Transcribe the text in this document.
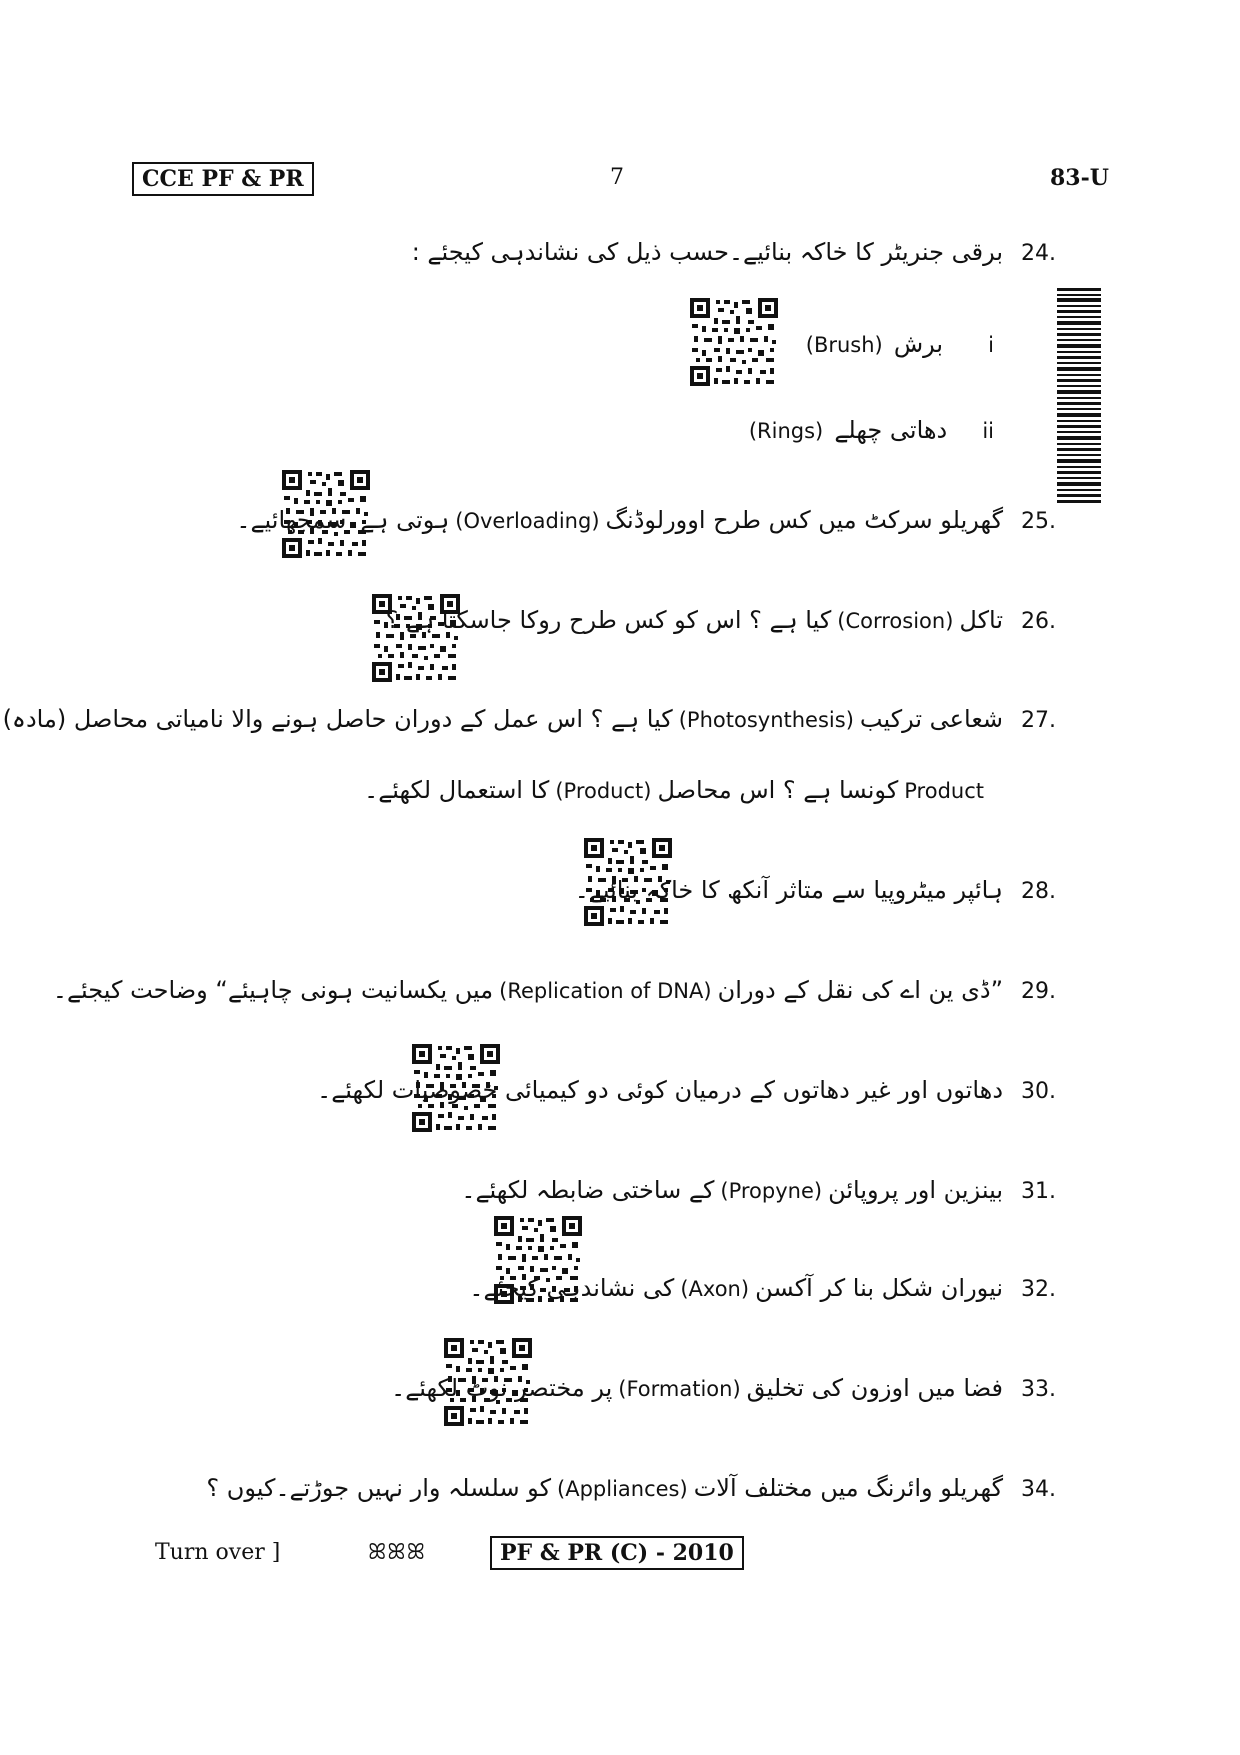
CCE PF & PR	7	83-U
24.برقی جنریٹر کا خاکہ بنائیے۔حسب ذیل کی نشاندہی کیجئے :
i برش (Brush)
ii دھاتی چھلے (Rings)
25.گھریلو سرکٹ میں کس طرح اوورلوڈنگ(Overloading)ہوتی ہے۔سمجھائیے۔
26.تاکل(Corrosion)کیا ہے ؟ اس کو کس طرح روکا جاسکتا ہے ؟
27.شعاعی ترکیب(Photosynthesis)کیا ہے ؟ اس عمل کے دوران حاصل ہونے والا نامیاتی محاصل (مادہ)
Productکونسا ہے ؟ اس محاصل(Product)کا استعمال لکھئے۔
28.ہائپر میٹروپیا سے متاثر آنکھ کا خاکہ بنائیے۔
29.”ڈی ین اے کی نقل کے دوران(Replication of DNA)میں یکسانیت ہونی چاہیئے“ وضاحت کیجئے۔
30.دھاتوں اور غیر دھاتوں کے درمیان کوئی دو کیمیائی خصوصیات لکھئے۔
31.بینزین اور پروپائن(Propyne)کے ساختی ضابطہ لکھئے۔
32.نیوران شکل بنا کر آکسن(Axon)کی نشاندہی کیجئے۔
33.فضا میں اوزون کی تخلیق(Formation)پر مختصر نوٹ لکھئے۔
34.گھریلو وائرنگ میں مختلف آلات(Appliances)کو سلسلہ وار نہیں جوڑتے۔کیوں ؟
Turn over ]	ꕤꕤꕤ	PF & PR (C) - 2010
